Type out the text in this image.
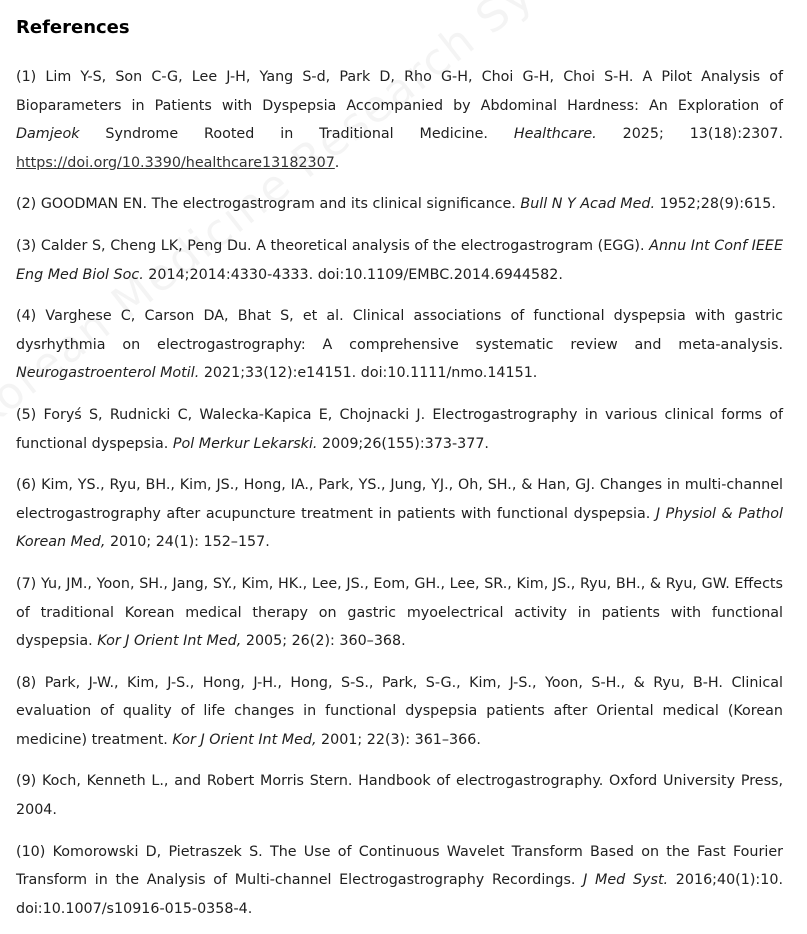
References

(1) Lim Y-S, Son C-G, Lee J-H, Yang S-d, Park D, Rho G-H, Choi G-H, Choi S-H. A Pilot Analysis of Bioparameters in Patients with Dyspepsia Accompanied by Abdominal Hardness: An Exploration of Damjeok Syndrome Rooted in Traditional Medicine. Healthcare. 2025; 13(18):2307. https://doi.org/10.3390/healthcare13182307.

(2) GOODMAN EN. The electrogastrogram and its clinical significance. Bull N Y Acad Med. 1952;28(9):615.

(3) Calder S, Cheng LK, Peng Du. A theoretical analysis of the electrogastrogram (EGG). Annu Int Conf IEEE Eng Med Biol Soc. 2014;2014:4330-4333. doi:10.1109/EMBC.2014.6944582.

(4) Varghese C, Carson DA, Bhat S, et al. Clinical associations of functional dyspepsia with gastric dysrhythmia on electrogastrography: A comprehensive systematic review and meta-analysis. Neurogastroenterol Motil. 2021;33(12):e14151. doi:10.1111/nmo.14151.

(5) Foryś S, Rudnicki C, Walecka-Kapica E, Chojnacki J. Electrogastrography in various clinical forms of functional dyspepsia. Pol Merkur Lekarski. 2009;26(155):373-377.

(6) Kim, YS., Ryu, BH., Kim, JS., Hong, IA., Park, YS., Jung, YJ., Oh, SH., & Han, GJ. Changes in multi-channel electrogastrography after acupuncture treatment in patients with functional dyspepsia. J Physiol & Pathol Korean Med, 2010; 24(1): 152–157.

(7) Yu, JM., Yoon, SH., Jang, SY., Kim, HK., Lee, JS., Eom, GH., Lee, SR., Kim, JS., Ryu, BH., & Ryu, GW. Effects of traditional Korean medical therapy on gastric myoelectrical activity in patients with functional dyspepsia. Kor J Orient Int Med, 2005; 26(2): 360–368.

(8) Park, J-W., Kim, J-S., Hong, J-H., Hong, S-S., Park, S-G., Kim, J-S., Yoon, S-H., & Ryu, B-H. Clinical evaluation of quality of life changes in functional dyspepsia patients after Oriental medical (Korean medicine) treatment. Kor J Orient Int Med, 2001; 22(3): 361–366.

(9) Koch, Kenneth L., and Robert Morris Stern. Handbook of electrogastrography. Oxford University Press, 2004.

(10) Komorowski D, Pietraszek S. The Use of Continuous Wavelet Transform Based on the Fast Fourier Transform in the Analysis of Multi-channel Electrogastrography Recordings. J Med Syst. 2016;40(1):10. doi:10.1007/s10916-015-0358-4.
